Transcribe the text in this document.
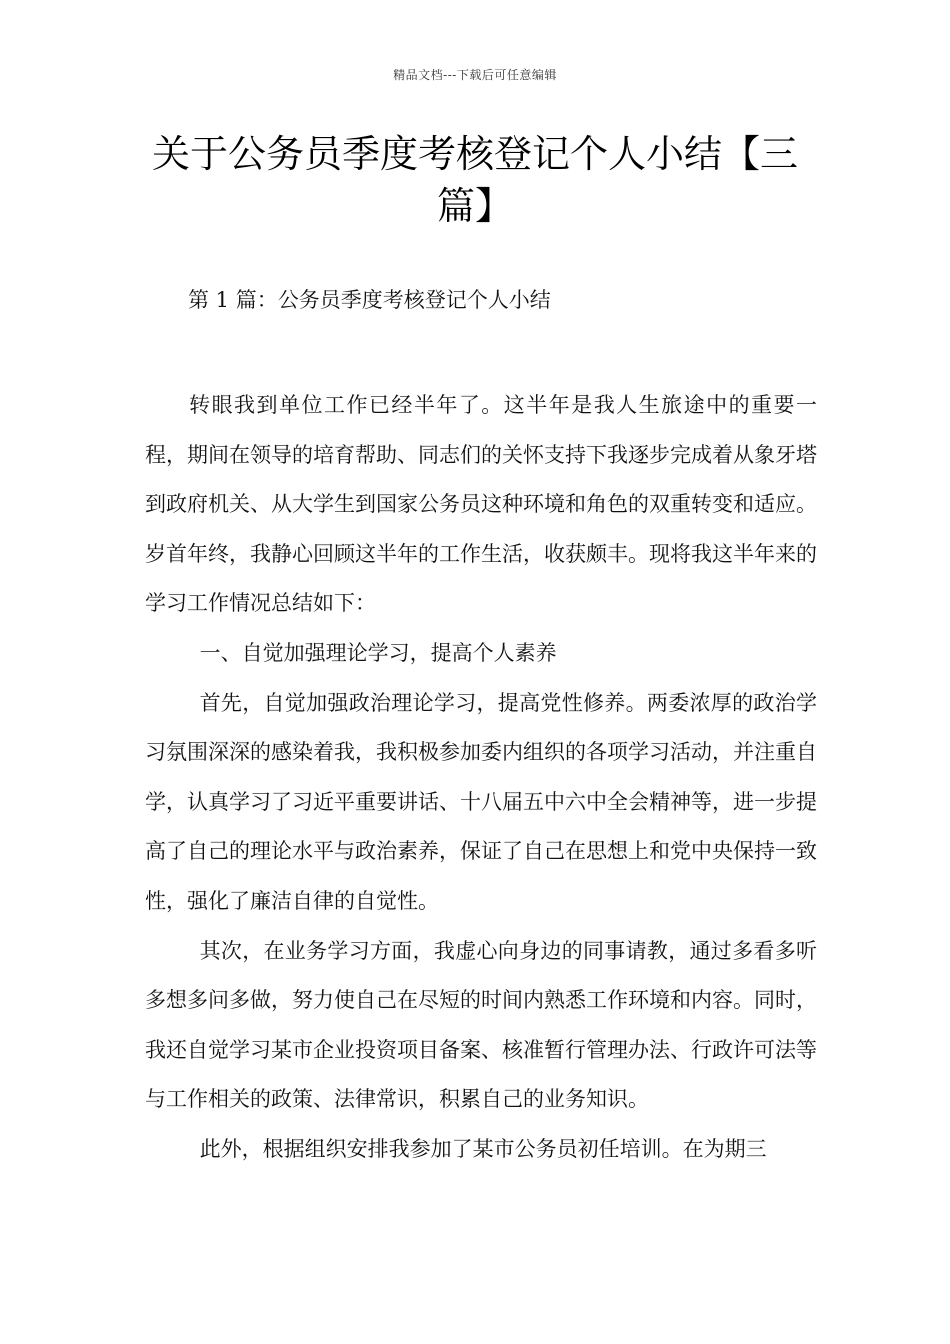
精品文档---下载后可任意编辑
关于公务员季度考核登记个人小结【三篇】

第 1 篇：公务员季度考核登记个人小结

转眼我到单位工作已经半年了。这半年是我人生旅途中的重要一程，期间在领导的培育帮助、同志们的关怀支持下我逐步完成着从象牙塔到政府机关、从大学生到国家公务员这种环境和角色的双重转变和适应。岁首年终，我静心回顾这半年的工作生活，收获颇丰。现将我这半年来的学习工作情况总结如下：

一、自觉加强理论学习，提高个人素养

首先，自觉加强政治理论学习，提高党性修养。两委浓厚的政治学习氛围深深的感染着我，我积极参加委内组织的各项学习活动，并注重自学，认真学习了习近平重要讲话、十八届五中六中全会精神等，进一步提高了自己的理论水平与政治素养，保证了自己在思想上和党中央保持一致性，强化了廉洁自律的自觉性。

其次，在业务学习方面，我虚心向身边的同事请教，通过多看多听多想多问多做，努力使自己在尽短的时间内熟悉工作环境和内容。同时，我还自觉学习某市企业投资项目备案、核准暂行管理办法、行政许可法等与工作相关的政策、法律常识，积累自己的业务知识。

此外，根据组织安排我参加了某市公务员初任培训。在为期三
